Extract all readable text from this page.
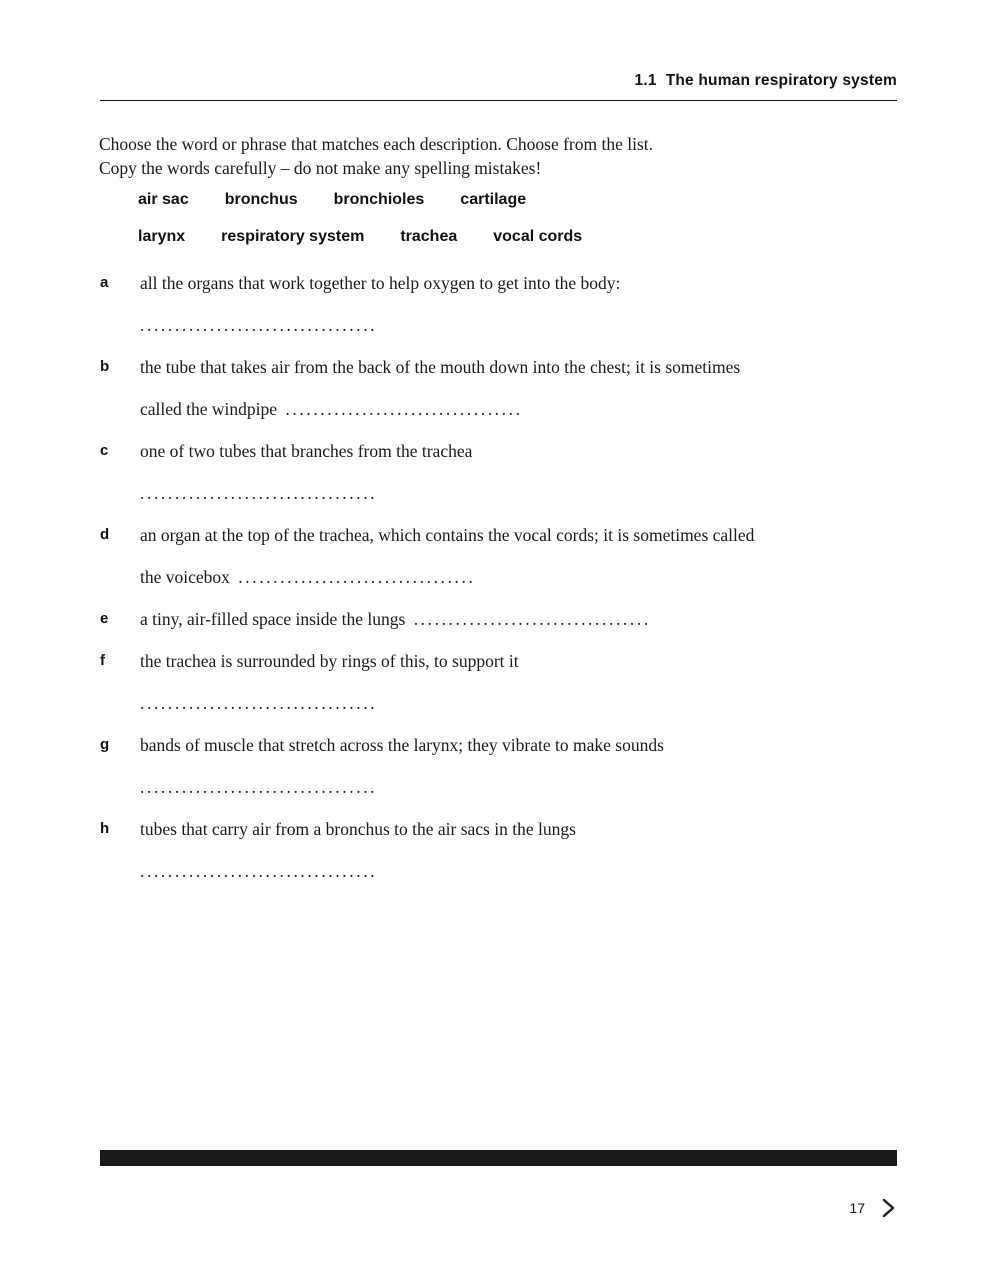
1.1 The human respiratory system

Choose the word or phrase that matches each description. Choose from the list.
Copy the words carefully – do not make any spelling mistakes!

air sac bronchus bronchioles cartilage
larynx respiratory system trachea vocal cords
a	all the organs that work together to help oxygen to get into the body:
..................................
b	the tube that takes air from the back of the mouth down into the chest; it is sometimes called the windpipe ..................................
c	one of two tubes that branches from the trachea
..................................
d	an organ at the top of the trachea, which contains the vocal cords; it is sometimes called the voicebox ..................................
e	a tiny, air-filled space inside the lungs ..................................
f	the trachea is surrounded by rings of this, to support it
..................................
g	bands of muscle that stretch across the larynx; they vibrate to make sounds
..................................
h	tubes that carry air from a bronchus to the air sacs in the lungs
..................................
17
